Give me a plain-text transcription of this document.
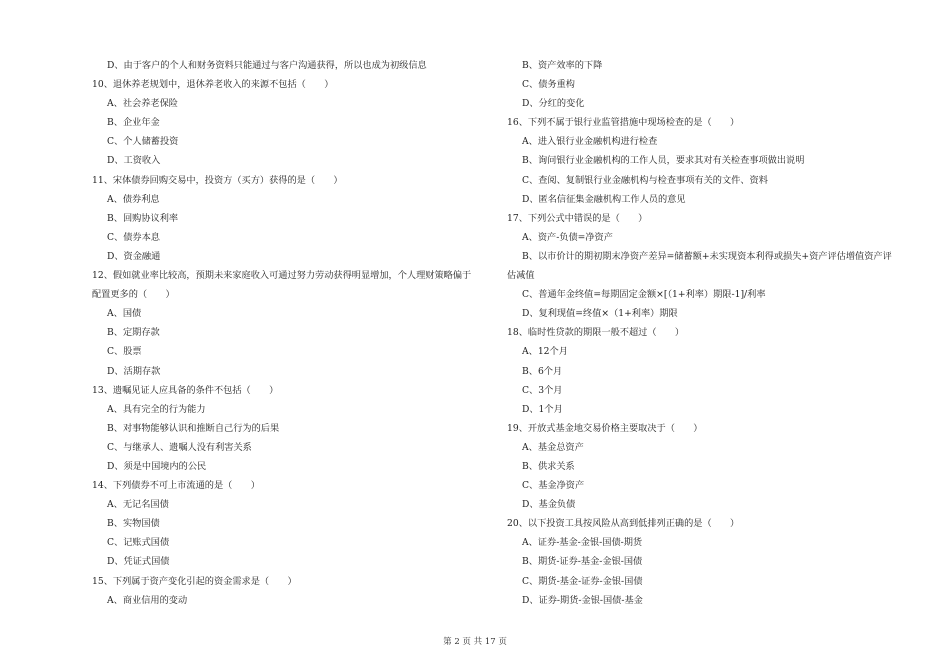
D、由于客户的个人和财务资料只能通过与客户沟通获得，所以也成为初级信息
10、退休养老规划中，退休养老收入的来源不包括（　　）
A、社会养老保险
B、企业年金
C、个人储蓄投资
D、工资收入
11、宋体债券回购交易中，投资方（买方）获得的是（　　）
A、债券利息
B、回购协议利率
C、债券本息
D、资金融通
12、假如就业率比较高，预期未来家庭收入可通过努力劳动获得明显增加，个人理财策略偏于
配置更多的（　　）
A、国债
B、定期存款
C、股票
D、活期存款
13、遗嘱见证人应具备的条件不包括（　　）
A、具有完全的行为能力
B、对事物能够认识和推断自己行为的后果
C、与继承人、遗嘱人没有利害关系
D、须是中国境内的公民
14、下列债券不可上市流通的是（　　）
A、无记名国债
B、实物国债
C、记账式国债
D、凭证式国债
15、下列属于资产变化引起的资金需求是（　　）
A、商业信用的变动
B、资产效率的下降
C、债务重构
D、分红的变化
16、下列不属于银行业监管措施中现场检查的是（　　）
A、进入银行业金融机构进行检查
B、询问银行业金融机构的工作人员，要求其对有关检查事项做出说明
C、查阅、复制银行业金融机构与检查事项有关的文件、资料
D、匿名信征集金融机构工作人员的意见
17、下列公式中错误的是（　　）
A、资产-负债=净资产
B、以市价计的期初期末净资产差异=储蓄额+未实现资本利得或损失+资产评估增值资产评
估减值
C、普通年金终值=每期固定金额×[（1+利率）期限-1]/利率
D、复利现值=终值×（1+利率）期限
18、临时性贷款的期限一般不超过（　　）
A、12个月
B、6个月
C、3个月
D、1个月
19、开放式基金地交易价格主要取决于（　　）
A、基金总资产
B、供求关系
C、基金净资产
D、基金负债
20、以下投资工具按风险从高到低排列正确的是（　　）
A、证券-基金-金银-国债-期货
B、期货-证券-基金-金银-国债
C、期货-基金-证券-金银-国债
D、证券-期货-金银-国债-基金
第 2 页 共 17 页
